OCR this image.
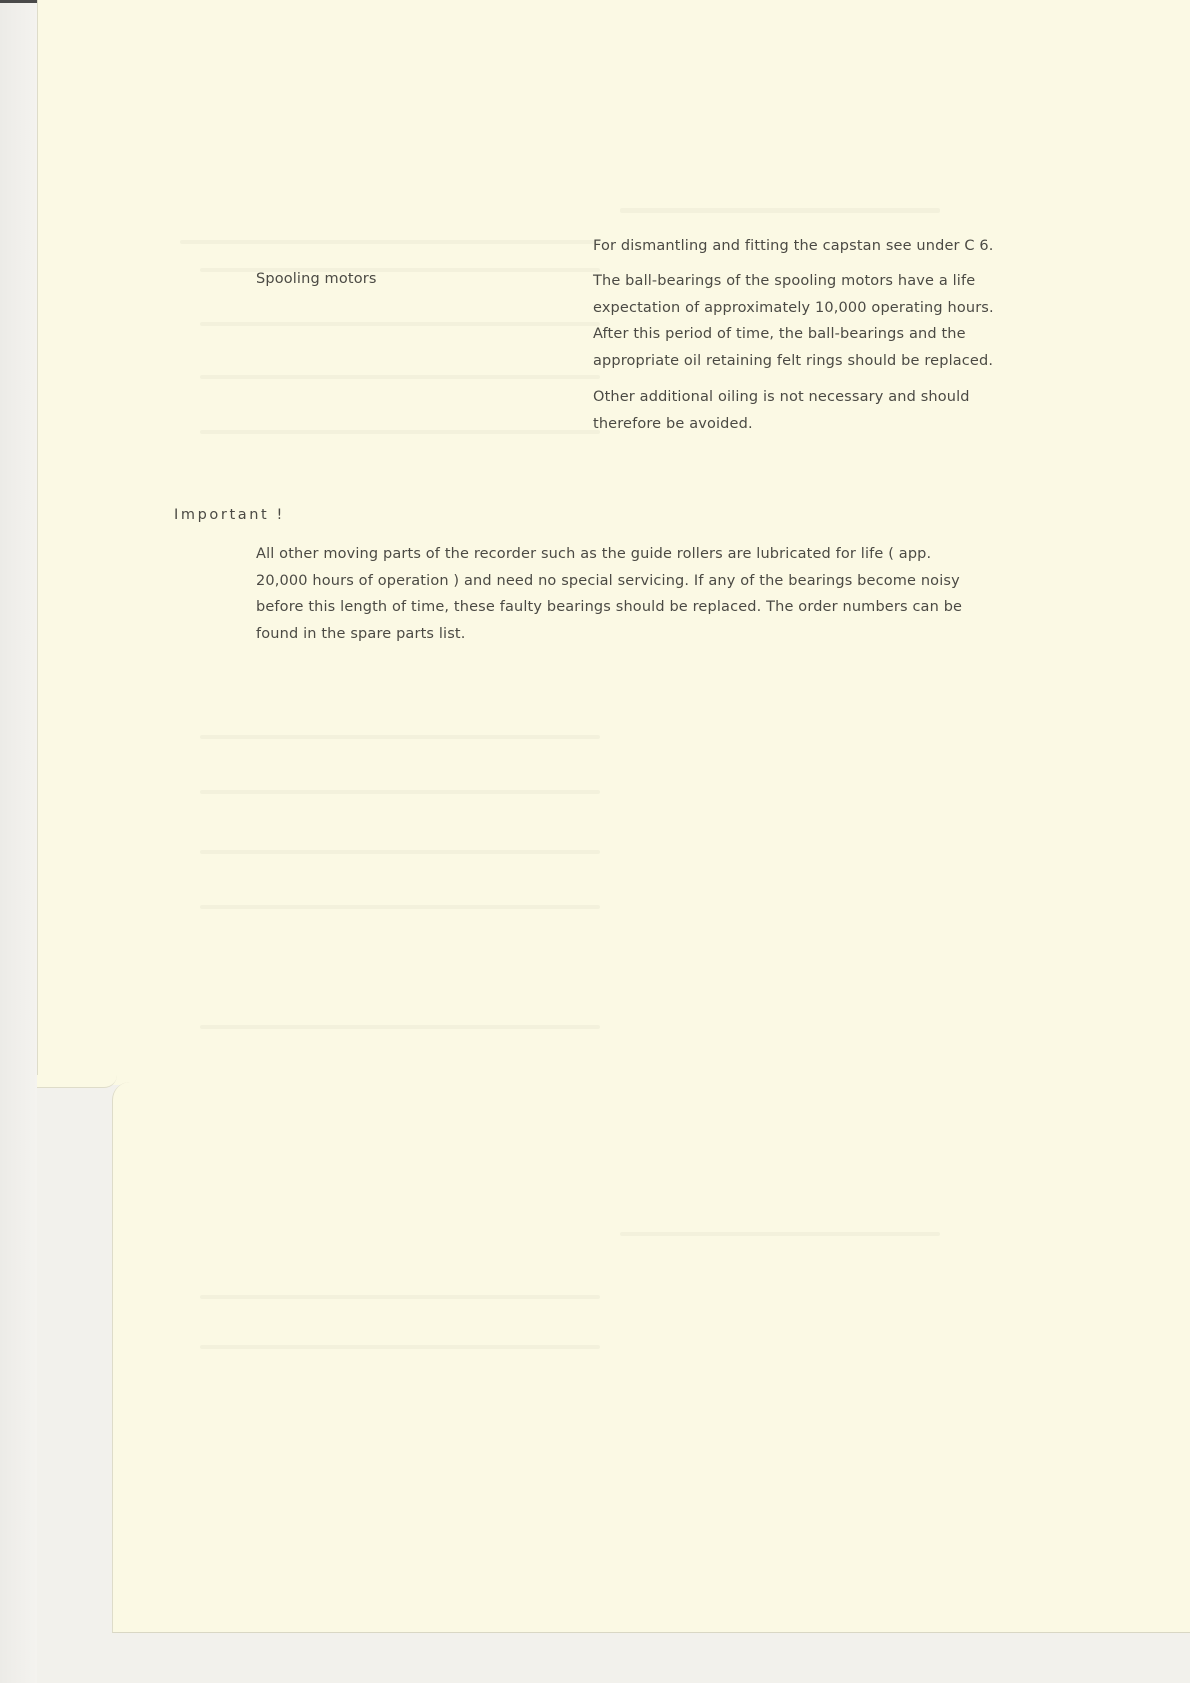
For dismantling and fitting the capstan see under C 6.
Spooling motors	The ball-bearings of the spooling motors have a life

expectation of approximately 10,000 operating hours.

After this period of time, the ball-bearings and the

appropriate oil retaining felt rings should be replaced.

Other additional oiling is not necessary and should

therefore be avoided.

Important !

All other moving parts of the recorder such as the guide rollers are lubricated for life ( app.

20,000 hours of operation ) and need no special servicing. If any of the bearings become noisy

before this length of time, these faulty bearings should be replaced. The order numbers can be

found in the spare parts list.
